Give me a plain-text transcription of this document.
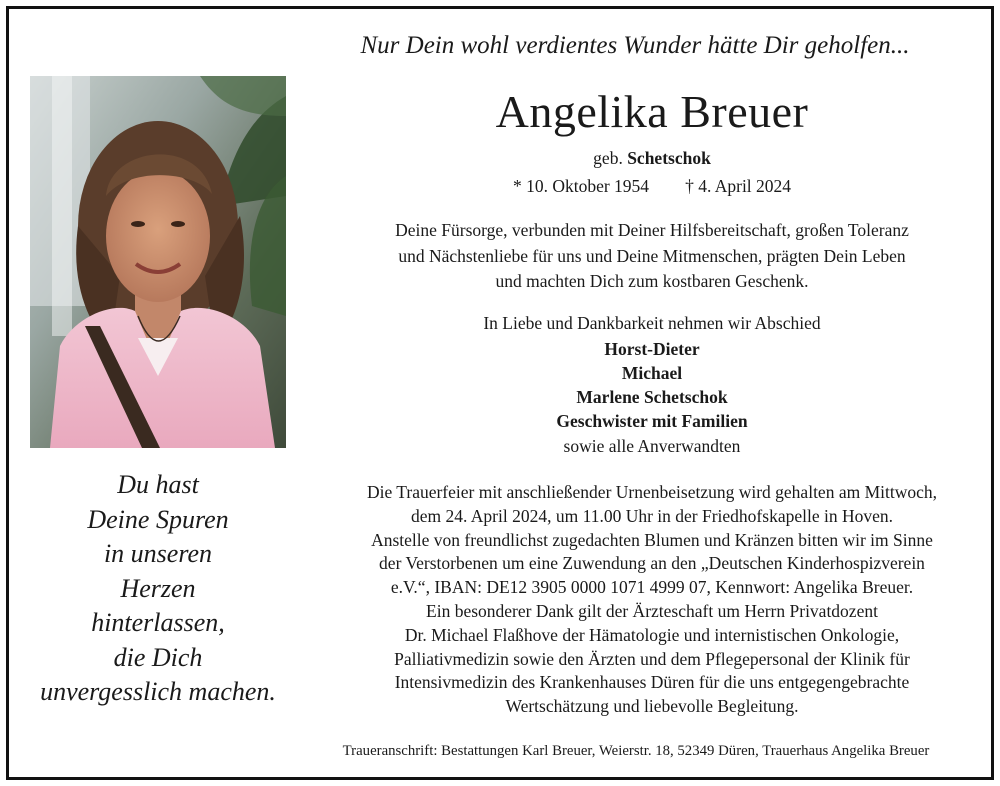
Nur Dein wohl verdientes Wunder hätte Dir geholfen...
Du hast
Deine Spuren
in unseren
Herzen
hinterlassen,
die Dich
unvergesslich machen.
Angelika Breuer
geb. Schetschok
* 10. Oktober 1954 † 4. April 2024
Deine Fürsorge, verbunden mit Deiner Hilfsbereitschaft, großen Toleranz
und Nächstenliebe für uns und Deine Mitmenschen, prägten Dein Leben
und machten Dich zum kostbaren Geschenk.
In Liebe und Dankbarkeit nehmen wir Abschied
Horst-Dieter
Michael
Marlene Schetschok
Geschwister mit Familien
sowie alle Anverwandten
Die Trauerfeier mit anschließender Urnenbeisetzung wird gehalten am Mittwoch,
dem 24. April 2024, um 11.00 Uhr in der Friedhofskapelle in Hoven.
Anstelle von freundlichst zugedachten Blumen und Kränzen bitten wir im Sinne
der Verstorbenen um eine Zuwendung an den „Deutschen Kinderhospizverein
e.V.“, IBAN: DE12 3905 0000 1071 4999 07, Kennwort: Angelika Breuer.
Ein besonderer Dank gilt der Ärzteschaft um Herrn Privatdozent
Dr. Michael Flaßhove der Hämatologie und internistischen Onkologie,
Palliativmedizin sowie den Ärzten und dem Pflegepersonal der Klinik für
Intensivmedizin des Krankenhauses Düren für die uns entgegengebrachte
Wertschätzung und liebevolle Begleitung.
Traueranschrift: Bestattungen Karl Breuer, Weierstr. 18, 52349 Düren, Trauerhaus Angelika Breuer
